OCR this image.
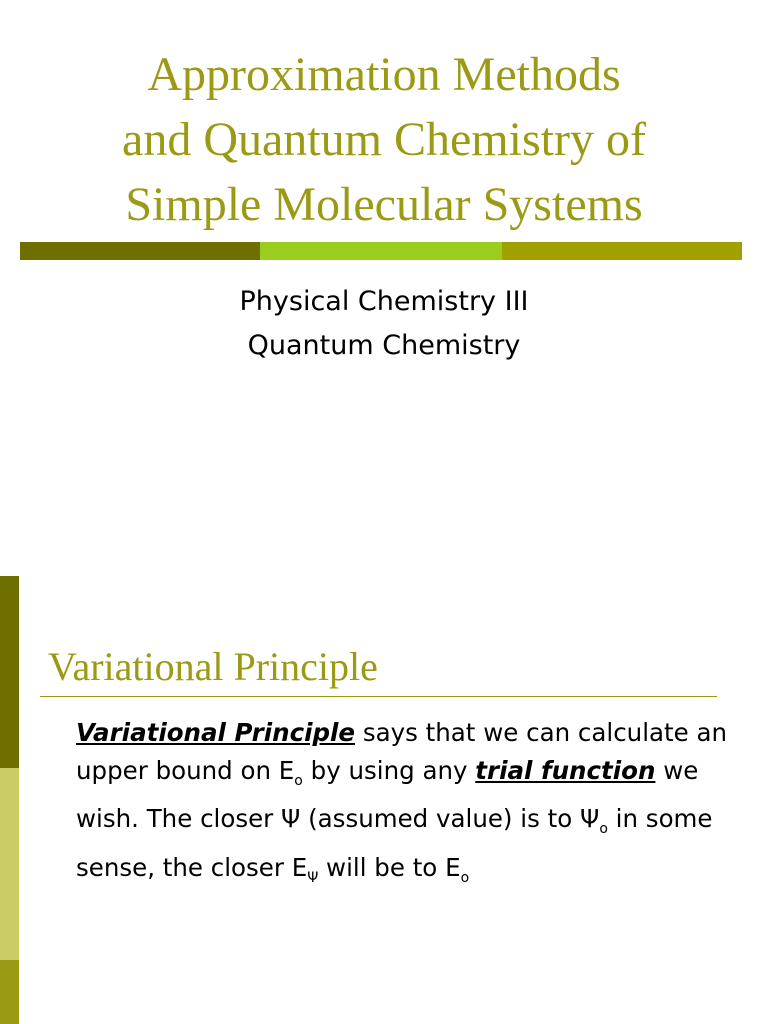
Approximation Methods
and Quantum Chemistry of
Simple Molecular Systems
Physical Chemistry III
Quantum Chemistry
Variational Principle
Variational Principle says that we can calculate an upper bound on $E_o$ by using any trial function we wish. The closer Ψ (assumed value) is to $\Psi_o$ in some sense, the closer $E_\Psi$ will be to $E_o$
